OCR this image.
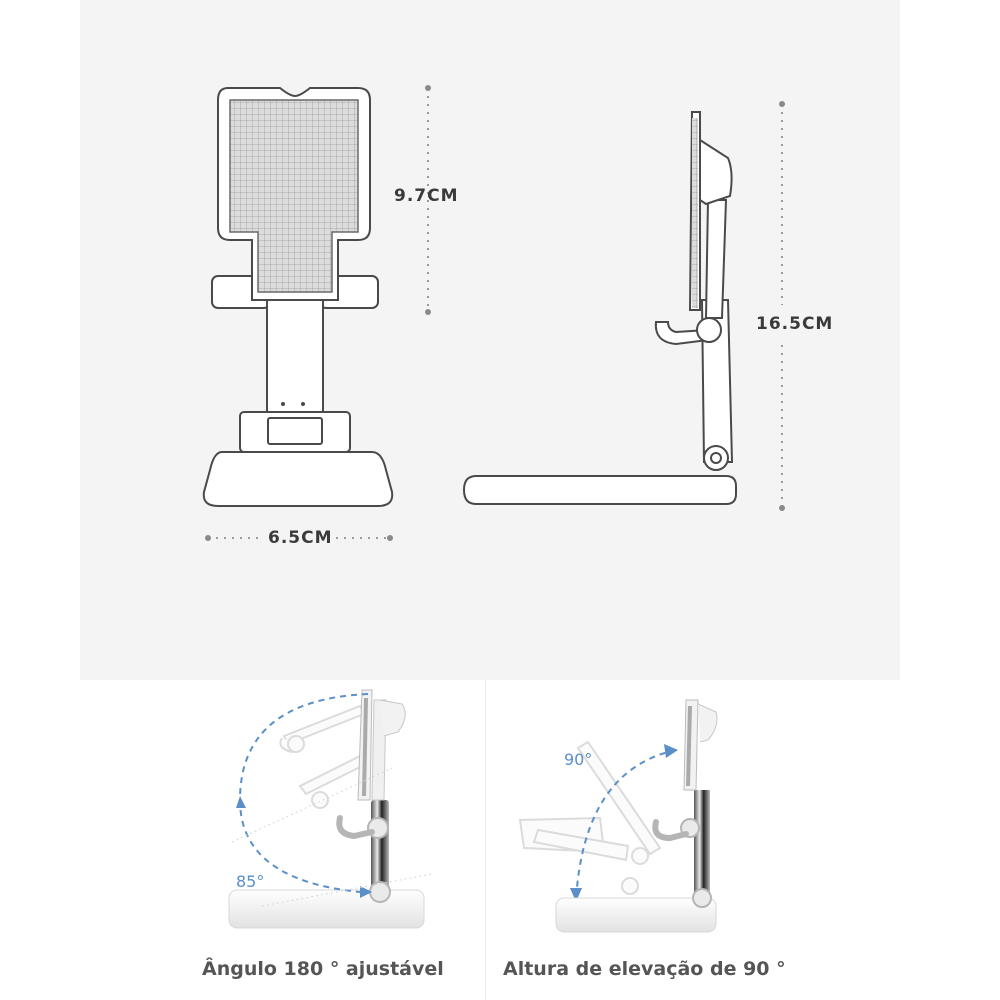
9.7CM
16.5CM
6.5CM
85°
90°
Ângulo 180 ° ajustável	Altura de elevação de 90 °
